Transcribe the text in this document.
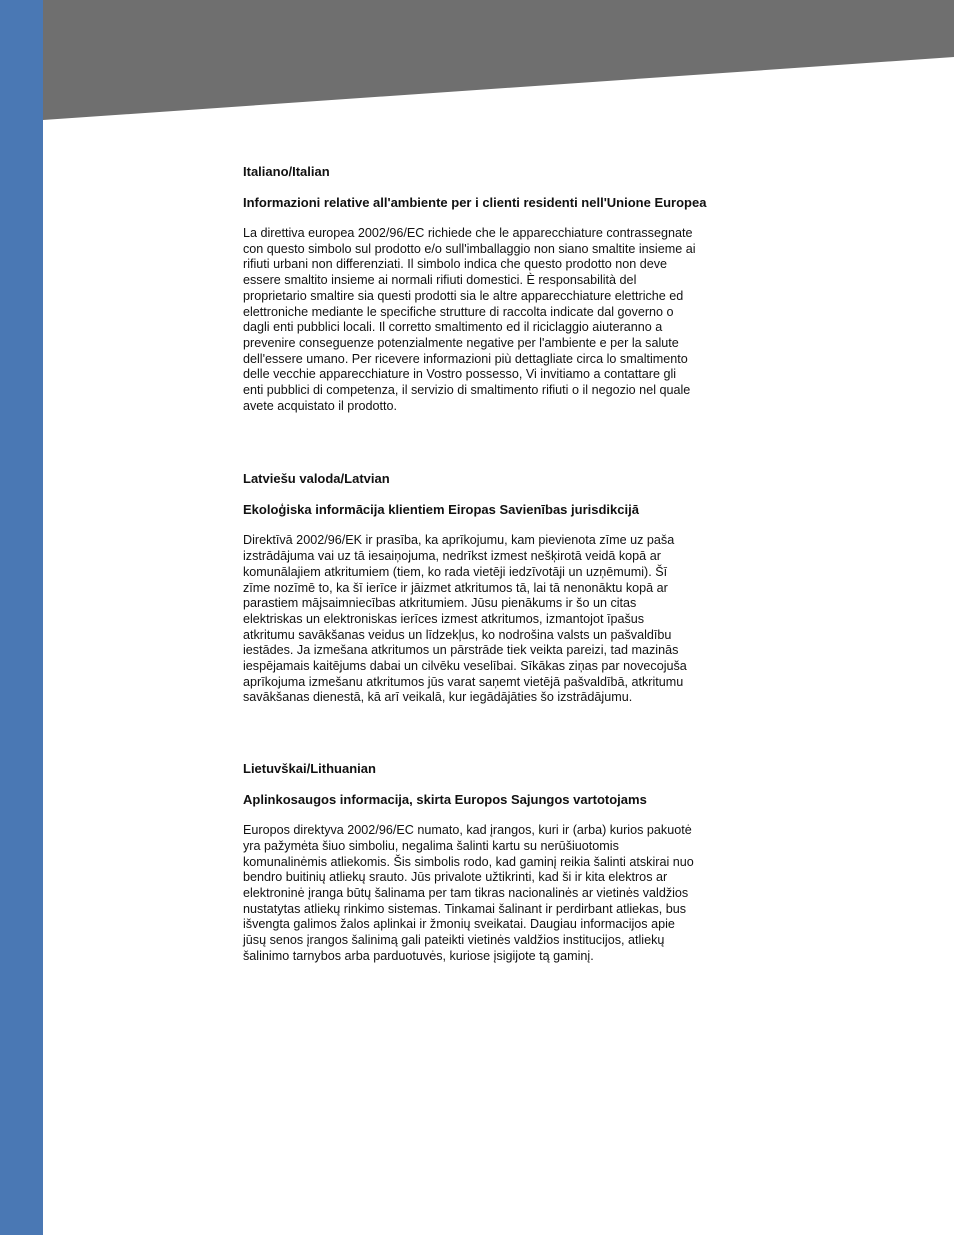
Italiano/Italian

Informazioni relative all'ambiente per i clienti residenti nell'Unione Europea

La direttiva europea 2002/96/EC richiede che le apparecchiature contrassegnate
con questo simbolo sul prodotto e/o sull'imballaggio non siano smaltite insieme ai
rifiuti urbani non differenziati. Il simbolo indica che questo prodotto non deve
essere smaltito insieme ai normali rifiuti domestici. È responsabilità del
proprietario smaltire sia questi prodotti sia le altre apparecchiature elettriche ed
elettroniche mediante le specifiche strutture di raccolta indicate dal governo o
dagli enti pubblici locali. Il corretto smaltimento ed il riciclaggio aiuteranno a
prevenire conseguenze potenzialmente negative per l'ambiente e per la salute
dell'essere umano. Per ricevere informazioni più dettagliate circa lo smaltimento
delle vecchie apparecchiature in Vostro possesso, Vi invitiamo a contattare gli
enti pubblici di competenza, il servizio di smaltimento rifiuti o il negozio nel quale
avete acquistato il prodotto.

Latviešu valoda/Latvian

Ekoloģiska informācija klientiem Eiropas Savienības jurisdikcijā

Direktīvā 2002/96/EK ir prasība, ka aprīkojumu, kam pievienota zīme uz paša
izstrādājuma vai uz tā iesaiņojuma, nedrīkst izmest nešķirotā veidā kopā ar
komunālajiem atkritumiem (tiem, ko rada vietēji iedzīvotāji un uzņēmumi). Šī
zīme nozīmē to, ka šī ierīce ir jāizmet atkritumos tā, lai tā nenonāktu kopā ar
parastiem mājsaimniecības atkritumiem. Jūsu pienākums ir šo un citas
elektriskas un elektroniskas ierīces izmest atkritumos, izmantojot īpašus
atkritumu savākšanas veidus un līdzekļus, ko nodrošina valsts un pašvaldību
iestādes. Ja izmešana atkritumos un pārstrāde tiek veikta pareizi, tad mazinās
iespējamais kaitējums dabai un cilvēku veselībai. Sīkākas ziņas par novecojuša
aprīkojuma izmešanu atkritumos jūs varat saņemt vietējā pašvaldībā, atkritumu
savākšanas dienestā, kā arī veikalā, kur iegādājāties šo izstrādājumu.

Lietuvškai/Lithuanian

Aplinkosaugos informacija, skirta Europos Sajungos vartotojams

Europos direktyva 2002/96/EC numato, kad įrangos, kuri ir (arba) kurios pakuotė
yra pažymėta šiuo simboliu, negalima šalinti kartu su nerūšiuotomis
komunalinėmis atliekomis. Šis simbolis rodo, kad gaminį reikia šalinti atskirai nuo
bendro buitinių atliekų srauto. Jūs privalote užtikrinti, kad ši ir kita elektros ar
elektroninė įranga būtų šalinama per tam tikras nacionalinės ar vietinės valdžios
nustatytas atliekų rinkimo sistemas. Tinkamai šalinant ir perdirbant atliekas, bus
išvengta galimos žalos aplinkai ir žmonių sveikatai. Daugiau informacijos apie
jūsų senos įrangos šalinimą gali pateikti vietinės valdžios institucijos, atliekų
šalinimo tarnybos arba parduotuvės, kuriose įsigijote tą gaminį.
